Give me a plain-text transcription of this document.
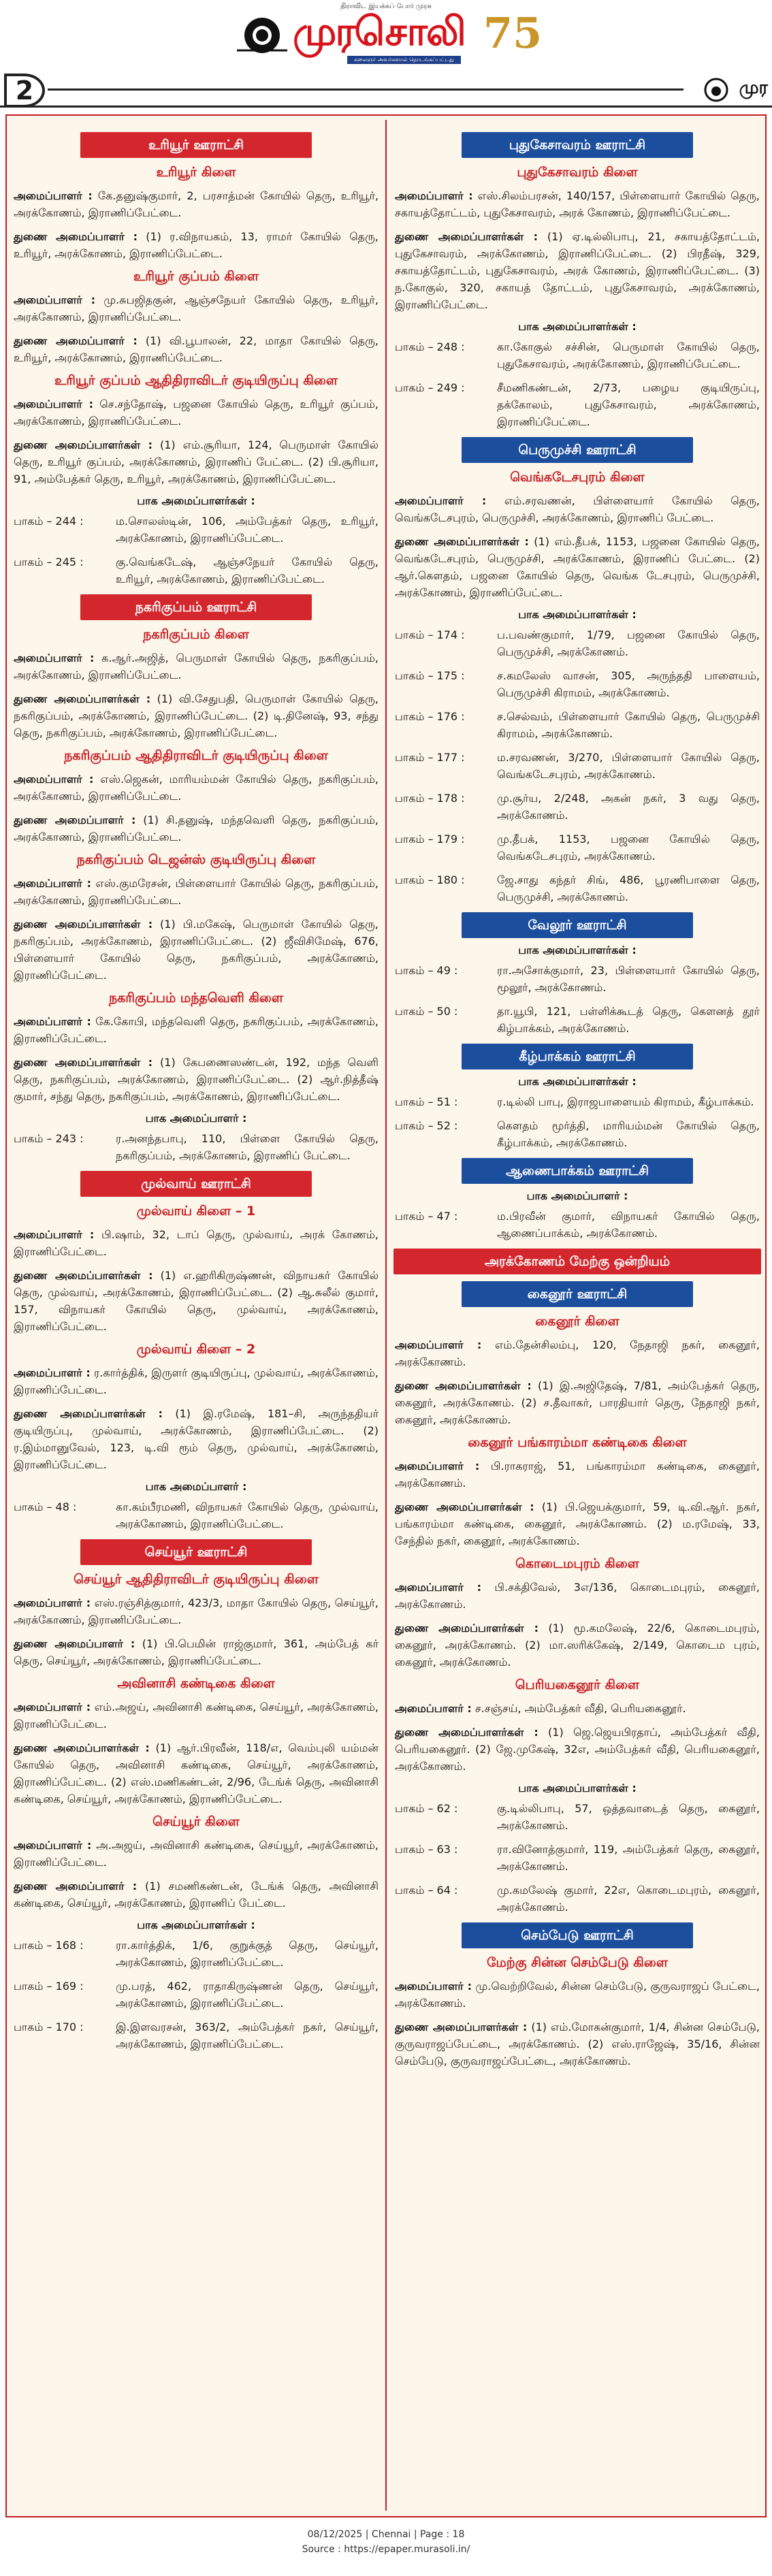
திராவிட இயக்கப் போர் முரசு
முரசொலி 75
கலைஞர் அவர்களால் தொடங்கப்பட்டது
2	முர
உரியூர் ஊராட்சி
உரியூர் கிளை

அமைப்பாளர் : கே.தனுஷ்குமார், 2, பரசாத்மன் கோயில் தெரு, உரியூர், அரக்கோணம், இராணிப்பேட்டை.

துணை அமைப்பாளர் : (1) ர.விநாயகம், 13, ராமர் கோயில் தெரு, உரியூர், அரக்கோணம், இராணிப்பேட்டை.

உரியூர் குப்பம் கிளை

அமைப்பாளர் : மு.சுபஜிதகுன், ஆஞ்சநேயர் கோயில் தெரு, உரியூர், அரக்கோணம், இராணிப்பேட்டை.

துணை அமைப்பாளர் : (1) வி.பூபாலன், 22, மாதா கோயில் தெரு, உரியூர், அரக்கோணம், இராணிப்பேட்டை.

உரியூர் குப்பம் ஆதிதிராவிடர் குடியிருப்பு கிளை

அமைப்பாளர் : செ.சந்தோஷ், பஜனை கோயில் தெரு, உரியூர் குப்பம், அரக்கோணம், இராணிப்பேட்டை.

துணை அமைப்பாளர்கள் : (1) எம்.சூரியா, 124, பெருமாள் கோயில் தெரு, உரியூர் குப்பம், அரக்கோணம், இராணிப் பேட்டை. (2) பி.சூரியா, 91, அம்பேத்கர் தெரு, உரியூர், அரக்கோணம், இராணிப்பேட்டை.

பாக அமைப்பாளர்கள் :
பாகம் – 244 :	ம.சொலஸ்டின், 106, அம்பேத்கர் தெரு, உரியூர், அரக்கோணம், இராணிப்பேட்டை.
பாகம் – 245 :	கு.வெங்கடேஷ், ஆஞ்சநேயர் கோயில் தெரு, உரியூர், அரக்கோணம், இராணிப்பேட்டை.
நகரிகுப்பம் ஊராட்சி
நகரிகுப்பம் கிளை

அமைப்பாளர் : க.ஆர்.அஜித், பெருமாள் கோயில் தெரு, நகரிகுப்பம், அரக்கோணம், இராணிப்பேட்டை.

துணை அமைப்பாளர்கள் : (1) வி.சேதுபதி, பெருமாள் கோயில் தெரு, நகரிகுப்பம், அரக்கோணம், இராணிப்பேட்டை. (2) டி.தினேஷ், 93, சந்து தெரு, நகரிகுப்பம், அரக்கோணம், இராணிப்பேட்டை.

நகரிகுப்பம் ஆதிதிராவிடர் குடியிருப்பு கிளை

அமைப்பாளர் : எஸ்.ஜெகன், மாரியம்மன் கோயில் தெரு, நகரிகுப்பம், அரக்கோணம், இராணிப்பேட்டை.

துணை அமைப்பாளர் : (1) சி.தனுஷ், மந்தவெளி தெரு, நகரிகுப்பம், அரக்கோணம், இராணிப்பேட்டை.

நகரிகுப்பம் டெஜன்ஸ் குடியிருப்பு கிளை

அமைப்பாளர் : எஸ்.குமரேசன், பிள்ளையார் கோயில் தெரு, நகரிகுப்பம், அரக்கோணம், இராணிப்பேட்டை.

துணை அமைப்பாளர்கள் : (1) பி.மகேஷ், பெருமாள் கோயில் தெரு, நகரிகுப்பம், அரக்கோணம், இராணிப்பேட்டை. (2) ஜீவிசிமேஷ், 676, பிள்ளையார் கோயில் தெரு, நகரிகுப்பம், அரக்கோணம், இராணிப்பேட்டை.

நகரிகுப்பம் மந்தவெளி கிளை

அமைப்பாளர் : கே.கோபி, மந்தவெளி தெரு, நகரிகுப்பம், அரக்கோணம், இராணிப்பேட்டை.

துணை அமைப்பாளர்கள் : (1) கேபணைஸண்டன், 192, மந்த வெளி தெரு, நகரிகுப்பம், அரக்கோணம், இராணிப்பேட்டை. (2) ஆர்.நித்தீஷ் குமார், சந்து தெரு, நகரிகுப்பம், அரக்கோணம், இராணிப்பேட்டை.

பாக அமைப்பாளர் :
பாகம் – 243 :	ர.அனந்தபாபு, 110, பிள்ளை கோயில் தெரு, நகரிகுப்பம், அரக்கோணம், இராணிப் பேட்டை.
முல்வாய் ஊராட்சி
முல்வாய் கிளை – 1

அமைப்பாளர் : பி.ஷாம், 32, டாப் தெரு, முல்வாய், அரக் கோணம், இராணிப்பேட்டை.

துணை அமைப்பாளர்கள் : (1) எ.ஹரிகிருஷ்ணன், விநாயகர் கோயில் தெரு, முல்வாய், அரக்கோணம், இராணிப்பேட்டை. (2) ஆ.சுலீல் குமார், 157, விநாயகர் கோயில் தெரு, முல்வாய், அரக்கோணம், இராணிப்பேட்டை.

முல்வாய் கிளை – 2

அமைப்பாளர் : ர.கார்த்திக், இருளர் குடியிருப்பு, முல்வாய், அரக்கோணம், இராணிப்பேட்டை.

துணை அமைப்பாளர்கள் : (1) இ.ரமேஷ், 181–சி, அருந்ததியர் குடியிருப்பு, முல்வாய், அரக்கோணம், இராணிப்பேட்டை. (2) ர.இம்மானுவேல், 123, டி.வி ரூம் தெரு, முல்வாய், அரக்கோணம், இராணிப்பேட்டை.

பாக அமைப்பாளர் :
பாகம் – 48 :	கா.கம்பீரமணி, விநாயகர் கோயில் தெரு, முல்வாய், அரக்கோணம், இராணிப்பேட்டை.
செய்யூர் ஊராட்சி
செய்யூர் ஆதிதிராவிடர் குடியிருப்பு கிளை

அமைப்பாளர் : எஸ்.ரஞ்சித்குமார், 423/3, மாதா கோயில் தெரு, செய்யூர், அரக்கோணம், இராணிப்பேட்டை.

துணை அமைப்பாளர் : (1) பி.பெமின் ராஜ்குமார், 361, அம்பேத் கர் தெரு, செய்யூர், அரக்கோணம், இராணிப்பேட்டை.

அவினாசி கண்டிகை கிளை

அமைப்பாளர் : எம்.அஜய், அவினாசி கண்டிகை, செய்யூர், அரக்கோணம், இராணிப்பேட்டை.

துணை அமைப்பாளர்கள் : (1) ஆர்.பிரவீன், 118/எ, வெம்புலி யம்மன் கோயில் தெரு, அவினாசி கண்டிகை, செய்யூர், அரக்கோணம், இராணிப்பேட்டை. (2) எஸ்.மணிகண்டன், 2/96, டேங்க் தெரு, அவினாசி கண்டிகை, செய்யூர், அரக்கோணம், இராணிப்பேட்டை.

செய்யூர் கிளை

அமைப்பாளர் : அ.அஜய், அவினாசி கண்டிகை, செய்யூர், அரக்கோணம், இராணிப்பேட்டை.

துணை அமைப்பாளர் : (1) சமணிகண்டன், டேங்க் தெரு, அவினாசி கண்டிகை, செய்யூர், அரக்கோணம், இராணிப் பேட்டை.

பாக அமைப்பாளர்கள் :
பாகம் – 168 :	ரா.கார்த்திக், 1/6, குறுக்குத் தெரு, செய்யூர், அரக்கோணம், இராணிப்பேட்டை.
பாகம் – 169 :	மு.பரத், 462, ராதாகிருஷ்ணன் தெரு, செய்யூர், அரக்கோணம், இராணிப்பேட்டை.
பாகம் – 170 :	இ.இளவரசன், 363/2, அம்பேத்கர் நகர், செய்யூர், அரக்கோணம், இராணிப்பேட்டை.
புதுகேசாவரம் ஊராட்சி
புதுகேசாவரம் கிளை

அமைப்பாளர் : எஸ்.சிலம்பரசன், 140/157, பிள்ளையார் கோயில் தெரு, சகாயத்தோட்டம், புதுகேசாவரம், அரக் கோணம், இராணிப்பேட்டை.

துணை அமைப்பாளர்கள் : (1) ஏ.டில்லிபாபு, 21, சகாயத்தோட்டம், புதுகேசாவரம், அரக்கோணம், இராணிப்பேட்டை. (2) பிரதீஷ், 329, சகாயத்தோட்டம், புதுகேசாவரம், அரக் கோணம், இராணிப்பேட்டை. (3) ந.கோகுல், 320, சகாயத் தோட்டம், புதுகேசாவரம், அரக்கோணம், இராணிப்பேட்டை.

பாக அமைப்பாளர்கள் :
பாகம் – 248 :	கா.கோகுல் சச்சின், பெருமாள் கோயில் தெரு, புதுகேசாவரம், அரக்கோணம், இராணிப்பேட்டை.
பாகம் – 249 :	சீமணிகண்டன், 2/73, பழைய குடியிருப்பு, தக்கோலம், புதுகேசாவரம், அரக்கோணம், இராணிப்பேட்டை.
பெருமுச்சி ஊராட்சி
வெங்கடேசபுரம் கிளை

அமைப்பாளர் : எம்.சரவணன், பிள்ளையார் கோயில் தெரு, வெங்கடேசபுரம், பெருமுச்சி, அரக்கோணம், இராணிப் பேட்டை.

துணை அமைப்பாளர்கள் : (1) எம்.தீபக், 1153, பஜனை கோயில் தெரு, வெங்கடேசபுரம், பெருமுச்சி, அரக்கோணம், இராணிப் பேட்டை. (2) ஆர்.கௌதம், பஜனை கோயில் தெரு, வெங்க டேசபுரம், பெருமுச்சி, அரக்கோணம், இராணிப்பேட்டை.

பாக அமைப்பாளர்கள் :
பாகம் – 174 :	ப.பவண்குமார், 1/79, பஜனை கோயில் தெரு, பெருமுச்சி, அரக்கோணம்.
பாகம் – 175 :	ச.கமலேஸ் வாசன், 305, அருந்ததி பாளையம், பெருமுச்சி கிராமம், அரக்கோணம்.
பாகம் – 176 :	ச.செல்வம், பிள்ளையார் கோயில் தெரு, பெருமுச்சி கிராமம், அரக்கோணம்.
பாகம் – 177 :	ம.சரவணன், 3/270, பிள்ளையார் கோயில் தெரு, வெங்கடேசபுரம், அரக்கோணம்.
பாகம் – 178 :	மு.சூர்ய, 2/248, அகன் நகர், 3 வது தெரு, அரக்கோணம்.
பாகம் – 179 :	மு.தீபக், 1153, பஜனை கோயில் தெரு, வெங்கடேசபுரம், அரக்கோணம்.
பாகம் – 180 :	ஜே.சாது கந்தர் சிங், 486, பூரணிபாளை தெரு, பெருமுச்சி, அரக்கோணம்.
வேலூர் ஊராட்சி
பாக அமைப்பாளர்கள் :
பாகம் – 49 :	ரா.அசோக்குமார், 23, பிள்ளையார் கோயில் தெரு, மூலூர், அரக்கோணம்.
பாகம் – 50 :	தா.யூபி, 121, பள்ளிக்கூடத் தெரு, கௌனத் தூர் கிழ்பாக்கம், அரக்கோணம்.
கீழ்பாக்கம் ஊராட்சி
பாக அமைப்பாளர்கள் :
பாகம் – 51 :	ர.டில்லி பாபு, இராஜபாளையம் கிராமம், கீழ்பாக்கம்.
பாகம் – 52 :	கௌதம் மூர்த்தி, மாரியம்மன் கோயில் தெரு, கீழ்பாக்கம், அரக்கோணம்.
ஆணைபாக்கம் ஊராட்சி
பாக அமைப்பாளர் :
பாகம் – 47 :	ம.பிரவீன் குமார், விநாயகர் கோயில் தெரு, ஆணைப்பாக்கம், அரக்கோணம்.
அரக்கோணம் மேற்கு ஒன்றியம்
கைனூர் ஊராட்சி
கைனூர் கிளை

அமைப்பாளர் : எம்.தேன்சிலம்பு, 120, நேதாஜி நகர், கைனூர், அரக்கோணம்.

துணை அமைப்பாளர்கள் : (1) இ.அஜிதேஷ், 7/81, அம்பேத்கர் தெரு, கைனூர், அரக்கோணம். (2) ச.தீவாகர், பாரதியார் தெரு, நேதாஜி நகர், கைனூர், அரக்கோணம்.

கைனூர் பங்காரம்மா கண்டிகை கிளை

அமைப்பாளர் : பி.ராகராஜ், 51, பங்காரம்மா கண்டிகை, கைனூர், அரக்கோணம்.

துணை அமைப்பாளர்கள் : (1) பி.ஜெயக்குமார், 59, டி.வி.ஆர். நகர், பங்காரம்மா கண்டிகை, கைனூர், அரக்கோணம். (2) ம.ரமேஷ், 33, சேந்தில் நகர், கைனூர், அரக்கோணம்.

கொடைமபுரம் கிளை

அமைப்பாளர் : பி.சக்திவேல், 3எ/136, கொடைமபுரம், கைனூர், அரக்கோணம்.

துணை அமைப்பாளர்கள் : (1) மூ.கமலேஷ், 22/6, கொடைமபுரம், கைனூர், அரக்கோணம். (2) மா.ஸரிக்கேஷ், 2/149, கொடைம புரம், கைனூர், அரக்கோணம்.

பெரியகைனூர் கிளை

அமைப்பாளர் : ச.சஞ்சய், அம்பேத்கர் வீதி, பெரியகைனூர்.

துணை அமைப்பாளர்கள் : (1) ஜெ.ஜெயபிரதாப், அம்பேத்கர் வீதி, பெரியகைனூர். (2) ஜே.முகேஷ், 32எ, அம்பேத்கர் வீதி, பெரியகைனூர், அரக்கோணம்.

பாக அமைப்பாளர்கள் :
பாகம் – 62 :	கு.டில்லிபாபு, 57, ஒத்தவாடைத் தெரு, கைனூர், அரக்கோணம்.
பாகம் – 63 :	ரா.வினோத்குமார், 119, அம்பேத்கர் தெரு, கைனூர், அரக்கோணம்.
பாகம் – 64 :	மு.கமலேஷ் குமார், 22எ, கொடைமபுரம், கைனூர், அரக்கோணம்.
செம்பேடு ஊராட்சி
மேற்கு சின்ன செம்பேடு கிளை

அமைப்பாளர் : மு.வெற்றிவேல், சின்ன செம்பேடு, குருவராஜப் பேட்டை, அரக்கோணம்.

துணை அமைப்பாளர்கள் : (1) எம்.மோகன்குமார், 1/4, சின்ன செம்பேடு, குருவராஜப்பேட்டை, அரக்கோணம். (2) எஸ்.ராஜேஷ், 35/16, சின்ன செம்பேடு, குருவராஜப்பேட்டை, அரக்கோணம்.

08/12/2025 | Chennai | Page : 18
Source : https://epaper.murasoli.in/
